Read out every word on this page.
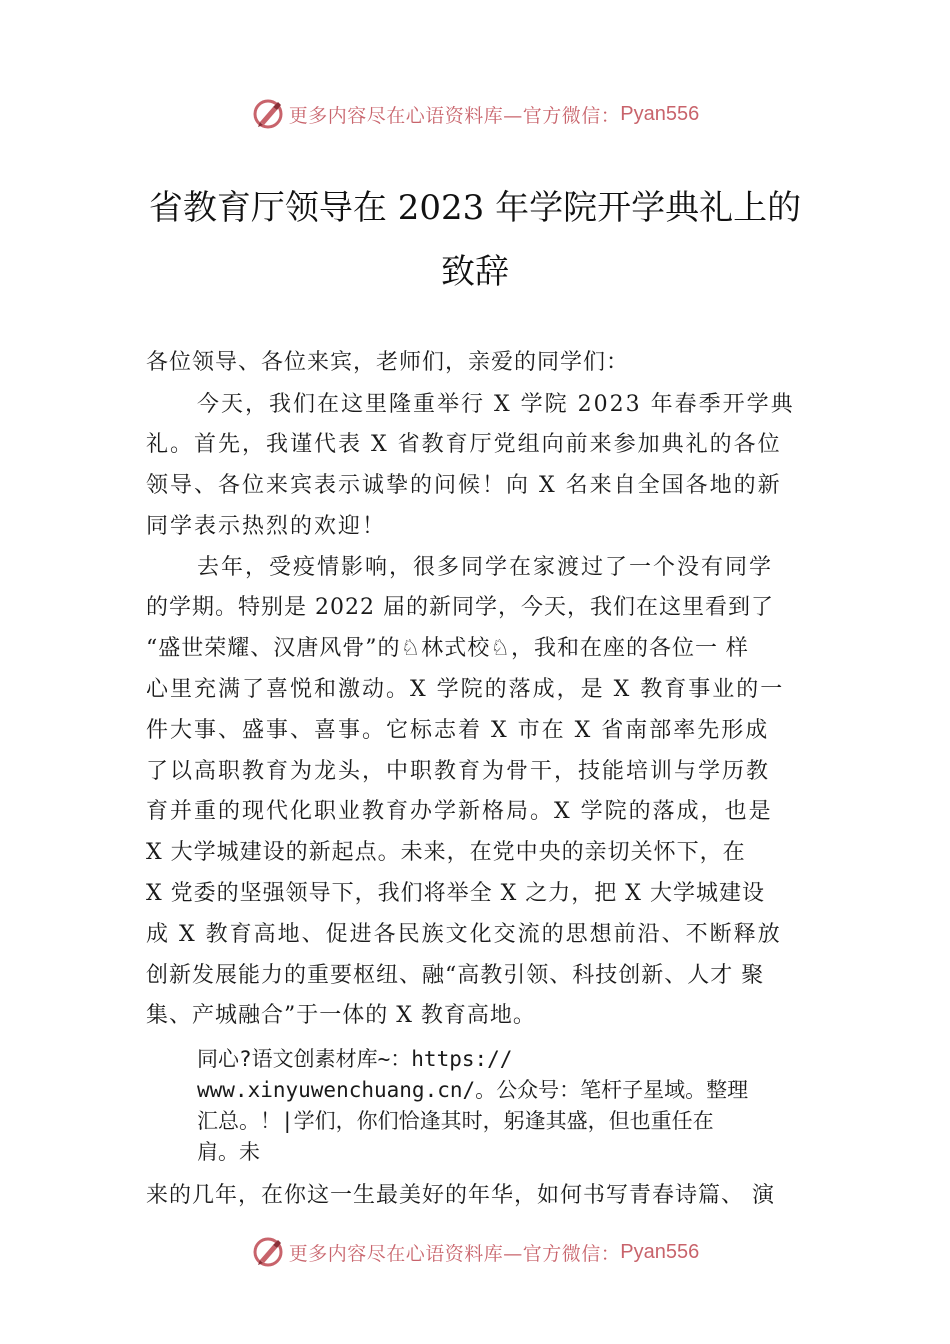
更多内容尽在心语资料库—官方微信： Pyan556
省教育厅领导在 2023 年学院开学典礼上的
致辞
各位领导、各位来宾，老师们，亲爱的同学们：
今天，我们在这里隆重举行 X 学院 2023 年春季开学典
礼。首先，我谨代表 X 省教育厅党组向前来参加典礼的各位
领导、各位来宾表示诚挚的问候！向 X 名来自全国各地的新
同学表示热烈的欢迎！
去年，受疫情影响，很多同学在家渡过了一个没有同学
的学期。特别是 2022 届的新同学，今天，我们在这里看到了
“盛世荣耀、汉唐风骨”的♘林式校♘，我和在座的各位一 样
心里充满了喜悦和激动。X 学院的落成，是 X 教育事业的一
件大事、盛事、喜事。它标志着 X 市在 X 省南部率先形成
了以高职教育为龙头，中职教育为骨干，技能培训与学历教
育并重的现代化职业教育办学新格局。X 学院的落成，也是
X 大学城建设的新起点。未来，在党中央的亲切关怀下，在
X 党委的坚强领导下，我们将举全 X 之力，把 X 大学城建设
成 X 教育高地、促进各民族文化交流的思想前沿、不断释放
创新发展能力的重要枢纽、融“高教引领、科技创新、人才 聚
集、产城融合”于一体的 X 教育高地。
同心?语文创素材库~：https://
www.xinyuwenchuang.cn/。公众号：笔杆子星域。整理
汇总。！|学们，你们恰逢其时，躬逢其盛，但也重任在
肩。未
来的几年，在你这一生最美好的年华，如何书写青春诗篇、 演
更多内容尽在心语资料库—官方微信： Pyan556
